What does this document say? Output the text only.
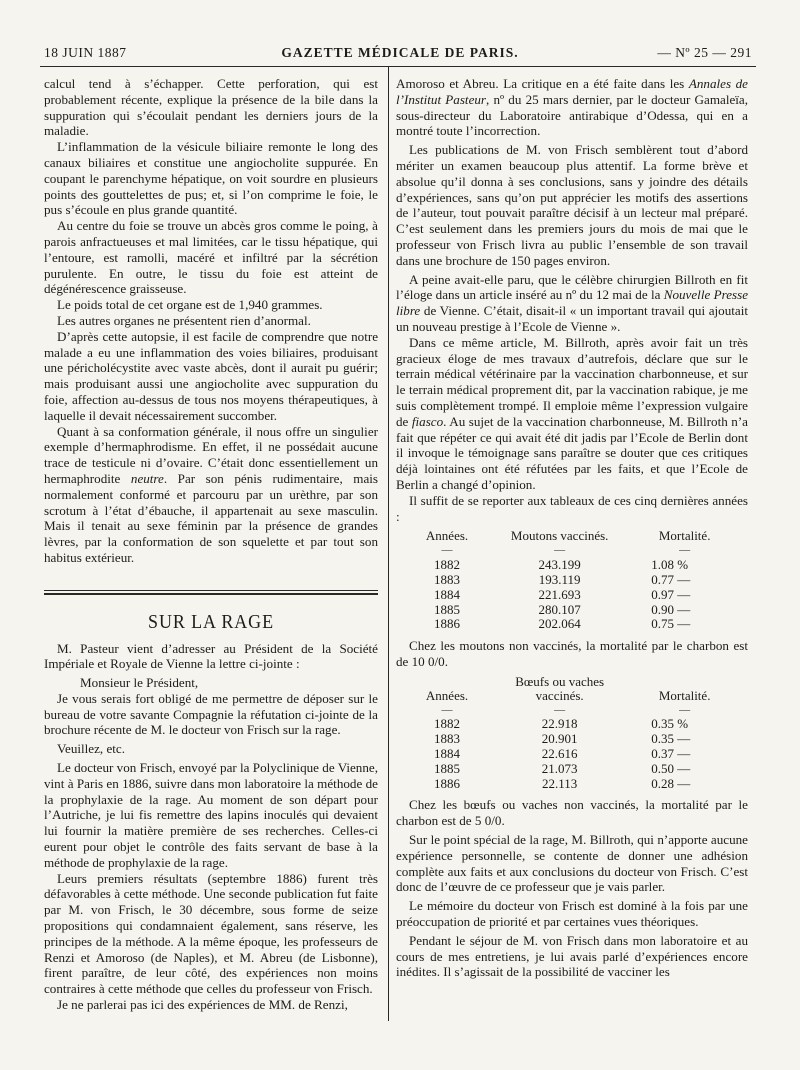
18 JUIN 1887	GAZETTE MÉDICALE DE PARIS.	— Nº 25 — 291

calcul tend à s’échapper. Cette perforation, qui est probablement récente, explique la présence de la bile dans la suppuration qui s’écoulait pendant les derniers jours de la maladie.

L’inflammation de la vésicule biliaire remonte le long des canaux biliaires et constitue une angiocholite suppurée. En coupant le parenchyme hépatique, on voit sourdre en plusieurs points des gouttelettes de pus; et, si l’on comprime le foie, le pus s’écoule en plus grande quantité.

Au centre du foie se trouve un abcès gros comme le poing, à parois anfractueuses et mal limitées, car le tissu hépatique, qui l’entoure, est ramolli, macéré et infiltré par la sécrétion purulente. En outre, le tissu du foie est atteint de dégénérescence graisseuse.

Le poids total de cet organe est de 1,940 grammes.

Les autres organes ne présentent rien d’anormal.

D’après cette autopsie, il est facile de comprendre que notre malade a eu une inflammation des voies biliaires, produisant une péricholécystite avec vaste abcès, dont il aurait pu guérir; mais produisant aussi une angiocholite avec suppuration du foie, affection au-dessus de tous nos moyens thérapeutiques, à laquelle il devait nécessairement succomber.

Quant à sa conformation générale, il nous offre un singulier exemple d’hermaphrodisme. En effet, il ne possédait aucune trace de testicule ni d’ovaire. C’était donc essentiellement un hermaphrodite neutre. Par son pénis rudimentaire, mais normalement conformé et parcouru par un urèthre, par son scrotum à l’état d’ébauche, il appartenait au sexe masculin. Mais il tenait au sexe féminin par la présence de grandes lèvres, par la conformation de son squelette et par tout son habitus extérieur.

SUR LA RAGE

M. Pasteur vient d’adresser au Président de la Société Impériale et Royale de Vienne la lettre ci-jointe :

Monsieur le Président,

Je vous serais fort obligé de me permettre de déposer sur le bureau de votre savante Compagnie la réfutation ci-jointe de la brochure récente de M. le docteur von Frisch sur la rage.

Veuillez, etc.

Le docteur von Frisch, envoyé par la Polyclinique de Vienne, vint à Paris en 1886, suivre dans mon laboratoire la méthode de la prophylaxie de la rage. Au moment de son départ pour l’Autriche, je lui fis remettre des lapins inoculés qui devaient lui fournir la matière première de ses recherches. Celles-ci eurent pour objet le contrôle des faits servant de base à la méthode de prophylaxie de la rage.

Leurs premiers résultats (septembre 1886) furent très défavorables à cette méthode. Une seconde publication fut faite par M. von Frisch, le 30 décembre, sous forme de seize propositions qui condamnaient également, sans réserve, les principes de la méthode. A la même époque, les professeurs de Renzi et Amoroso (de Naples), et M. Abreu (de Lisbonne), firent paraître, de leur côté, des expériences non moins contraires à cette méthode que celles du professeur von Frisch.

Je ne parlerai pas ici des expériences de MM. de Renzi,

Amoroso et Abreu. La critique en a été faite dans les Annales de l’Institut Pasteur, nº du 25 mars dernier, par le docteur Gamaleïa, sous-directeur du Laboratoire antirabique d’Odessa, qui en a montré toute l’incorrection.

Les publications de M. von Frisch semblèrent tout d’abord mériter un examen beaucoup plus attentif. La forme brève et absolue qu’il donna à ses conclusions, sans y joindre des détails d’expériences, sans qu’on put apprécier les motifs des assertions de l’auteur, tout pouvait paraître décisif à un lecteur mal préparé. C’est seulement dans les premiers jours du mois de mai que le professeur von Frisch livra au public l’ensemble de son travail dans une brochure de 150 pages environ.

A peine avait-elle paru, que le célèbre chirurgien Billroth en fit l’éloge dans un article inséré au nº du 12 mai de la Nouvelle Presse libre de Vienne. C’était, disait-il « un important travail qui ajoutait un nouveau prestige à l’Ecole de Vienne ».

Dans ce même article, M. Billroth, après avoir fait un très gracieux éloge de mes travaux d’autrefois, déclare que sur le terrain médical vétérinaire par la vaccination charbonneuse, et sur le terrain médical proprement dit, par la vaccination rabique, je me suis complètement trompé. Il emploie même l’expression vulgaire de fiasco. Au sujet de la vaccination charbonneuse, M. Billroth n’a fait que répéter ce qui avait été dit jadis par l’Ecole de Berlin dont il invoque le témoignage sans paraître se douter que ces critiques déjà lointaines ont été réfutées par les faits, et que l’Ecole de Berlin a changé d’opinion.

Il suffit de se reporter aux tableaux de ces cinq dernières années :

Années.	Moutons vaccinés.	Mortalité.
—	—	—
1882	243.199	1.08 %
1883	193.119	0.77 —
1884	221.693	0.97 —
1885	280.107	0.90 —
1886	202.064	0.75 —

Chez les moutons non vaccinés, la mortalité par le charbon est de 10 0/0.

Années.	Bœufs ou vaches vaccinés.	Mortalité.
—	—	—
1882	22.918	0.35 %
1883	20.901	0.35 —
1884	22.616	0.37 —
1885	21.073	0.50 —
1886	22.113	0.28 —

Chez les bœufs ou vaches non vaccinés, la mortalité par le charbon est de 5 0/0.

Sur le point spécial de la rage, M. Billroth, qui n’apporte aucune expérience personnelle, se contente de donner une adhésion complète aux faits et aux conclusions du docteur von Frisch. C’est donc de l’œuvre de ce professeur que je vais parler.

Le mémoire du docteur von Frisch est dominé à la fois par une préoccupation de priorité et par certaines vues théoriques.

Pendant le séjour de M. von Frisch dans mon laboratoire et au cours de mes entretiens, je lui avais parlé d’expériences encore inédites. Il s’agissait de la possibilité de vacciner les
